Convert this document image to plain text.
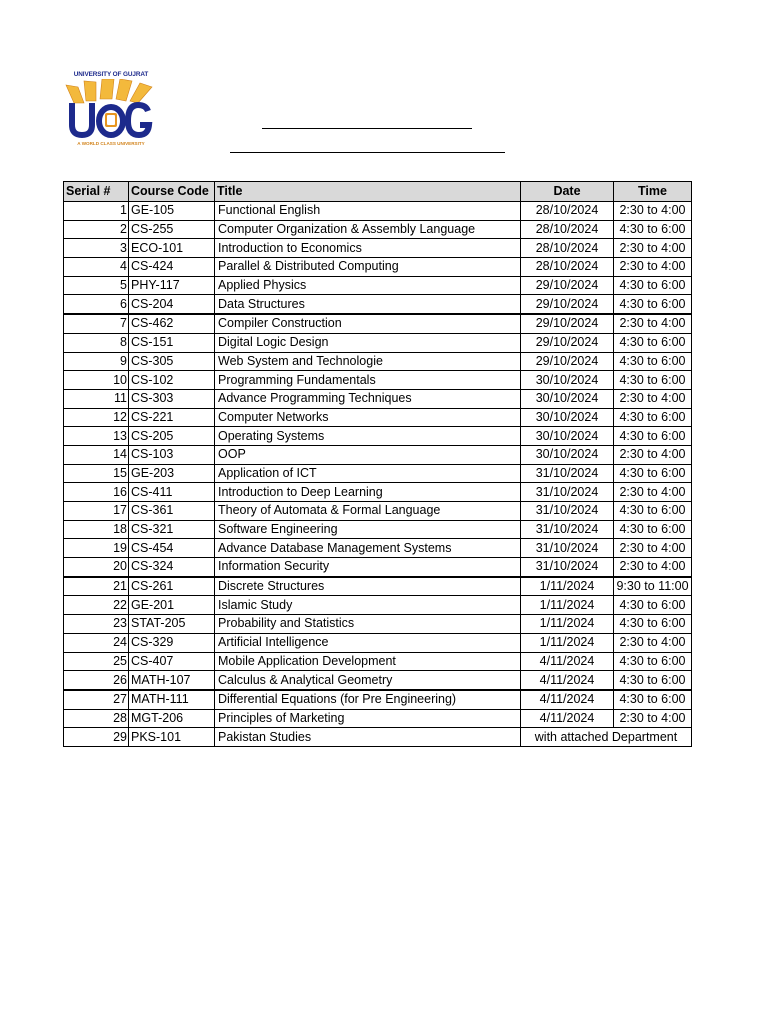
UNIVERSITY OF GUJRAT
A WORLD CLASS UNIVERSITY
Serial #	Course Code	Title	Date	Time
1	GE-105	Functional English	28/10/2024	2:30 to 4:00
2	CS-255	Computer Organization & Assembly Language	28/10/2024	4:30 to 6:00
3	ECO-101	Introduction to Economics	28/10/2024	2:30 to 4:00
4	CS-424	Parallel & Distributed Computing	28/10/2024	2:30 to 4:00
5	PHY-117	Applied Physics	29/10/2024	4:30 to 6:00
6	CS-204	Data Structures	29/10/2024	4:30 to 6:00
7	CS-462	Compiler Construction	29/10/2024	2:30 to 4:00
8	CS-151	Digital Logic Design	29/10/2024	4:30 to 6:00
9	CS-305	Web System and Technologie	29/10/2024	4:30 to 6:00
10	CS-102	Programming Fundamentals	30/10/2024	4:30 to 6:00
11	CS-303	Advance Programming Techniques	30/10/2024	2:30 to 4:00
12	CS-221	Computer Networks	30/10/2024	4:30 to 6:00
13	CS-205	Operating Systems	30/10/2024	4:30 to 6:00
14	CS-103	OOP	30/10/2024	2:30 to 4:00
15	GE-203	Application of ICT	31/10/2024	4:30 to 6:00
16	CS-411	Introduction to Deep Learning	31/10/2024	2:30 to 4:00
17	CS-361	Theory of Automata & Formal Language	31/10/2024	4:30 to 6:00
18	CS-321	Software Engineering	31/10/2024	4:30 to 6:00
19	CS-454	Advance Database Management Systems	31/10/2024	2:30 to 4:00
20	CS-324	Information Security	31/10/2024	2:30 to 4:00
21	CS-261	Discrete Structures	1/11/2024	9:30 to 11:00
22	GE-201	Islamic Study	1/11/2024	4:30 to 6:00
23	STAT-205	Probability and Statistics	1/11/2024	4:30 to 6:00
24	CS-329	Artificial Intelligence	1/11/2024	2:30 to 4:00
25	CS-407	Mobile Application Development	4/11/2024	4:30 to 6:00
26	MATH-107	Calculus & Analytical Geometry	4/11/2024	4:30 to 6:00
27	MATH-111	Differential Equations (for Pre Engineering)	4/11/2024	4:30 to 6:00
28	MGT-206	Principles of Marketing	4/11/2024	2:30 to 4:00
29	PKS-101	Pakistan Studies	with attached Department	
